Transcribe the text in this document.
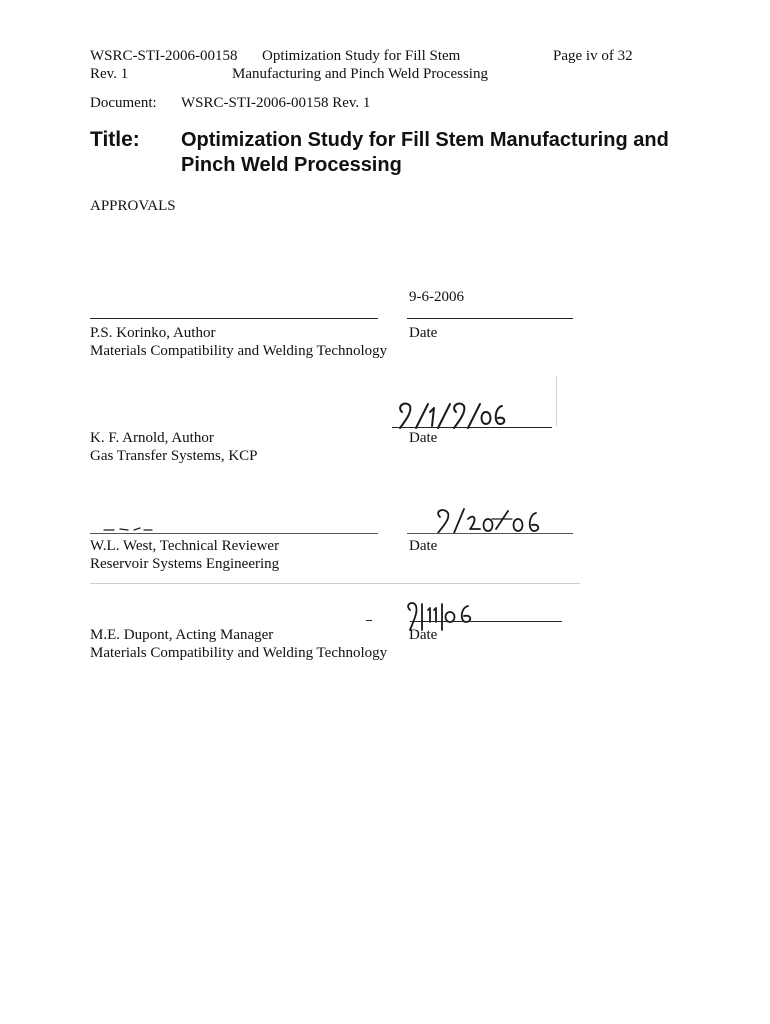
WSRC-STI-2006-00158
Rev. 1
Optimization Study for Fill Stem
Manufacturing and Pinch Weld Processing
Page iv of 32
Document: WSRC-STI-2006-00158 Rev. 1
Title: Optimization Study for Fill Stem Manufacturing and
Pinch Weld Processing
APPROVALS
9-6-2006
P.S. Korinko, Author
Materials Compatibility and Welding Technology
Date
K. F. Arnold, Author
Gas Transfer Systems, KCP
Date
W.L. West, Technical Reviewer
Reservoir Systems Engineering
Date
M.E. Dupont, Acting Manager
Materials Compatibility and Welding Technology
Date
